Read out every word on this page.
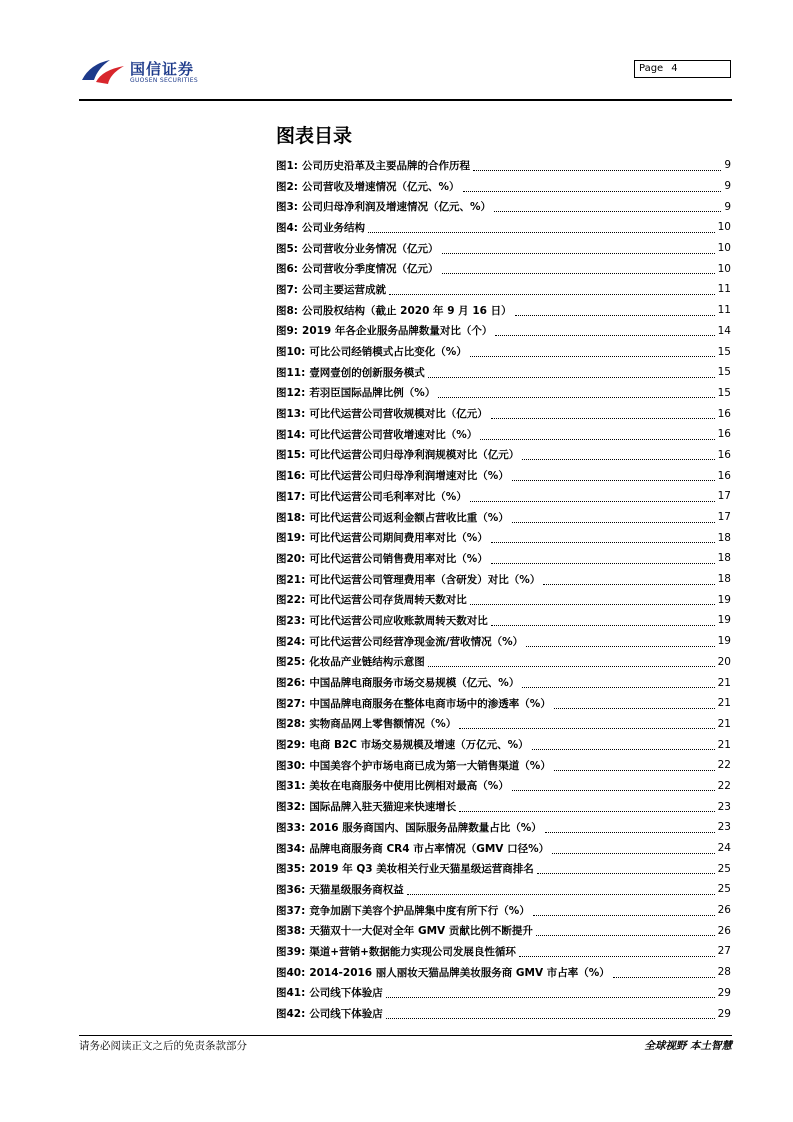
国信证券
GUOSEN SECURITIES
Page 4
图表目录
图1: 公司历史沿革及主要品牌的合作历程	9
图2: 公司营收及增速情况（亿元、%）	9
图3: 公司归母净利润及增速情况（亿元、%）	9
图4: 公司业务结构	10
图5: 公司营收分业务情况（亿元）	10
图6: 公司营收分季度情况（亿元）	10
图7: 公司主要运营成就	11
图8: 公司股权结构（截止 2020 年 9 月 16 日）	11
图9: 2019 年各企业服务品牌数量对比（个）	14
图10: 可比公司经销模式占比变化（%）	15
图11: 壹网壹创的创新服务模式	15
图12: 若羽臣国际品牌比例（%）	15
图13: 可比代运营公司营收规模对比（亿元）	16
图14: 可比代运营公司营收增速对比（%）	16
图15: 可比代运营公司归母净利润规模对比（亿元）	16
图16: 可比代运营公司归母净利润增速对比（%）	16
图17: 可比代运营公司毛利率对比（%）	17
图18: 可比代运营公司返利金额占营收比重（%）	17
图19: 可比代运营公司期间费用率对比（%）	18
图20: 可比代运营公司销售费用率对比（%）	18
图21: 可比代运营公司管理费用率（含研发）对比（%）	18
图22: 可比代运营公司存货周转天数对比	19
图23: 可比代运营公司应收账款周转天数对比	19
图24: 可比代运营公司经营净现金流/营收情况（%）	19
图25: 化妆品产业链结构示意图	20
图26: 中国品牌电商服务市场交易规模（亿元、%）	21
图27: 中国品牌电商服务在整体电商市场中的渗透率（%）	21
图28: 实物商品网上零售额情况（%）	21
图29: 电商 B2C 市场交易规模及增速（万亿元、%）	21
图30: 中国美容个护市场电商已成为第一大销售渠道（%）	22
图31: 美妆在电商服务中使用比例相对最高（%）	22
图32: 国际品牌入驻天猫迎来快速增长	23
图33: 2016 服务商国内、国际服务品牌数量占比（%）	23
图34: 品牌电商服务商 CR4 市占率情况（GMV 口径%）	24
图35: 2019 年 Q3 美妆相关行业天猫星级运营商排名	25
图36: 天猫星级服务商权益	25
图37: 竞争加剧下美容个护品牌集中度有所下行（%）	26
图38: 天猫双十一大促对全年 GMV 贡献比例不断提升	26
图39: 渠道+营销+数据能力实现公司发展良性循环	27
图40: 2014-2016 丽人丽妆天猫品牌美妆服务商 GMV 市占率（%）	28
图41: 公司线下体验店	29
图42: 公司线下体验店	29
请务必阅读正文之后的免责条款部分	全球视野 本土智慧
